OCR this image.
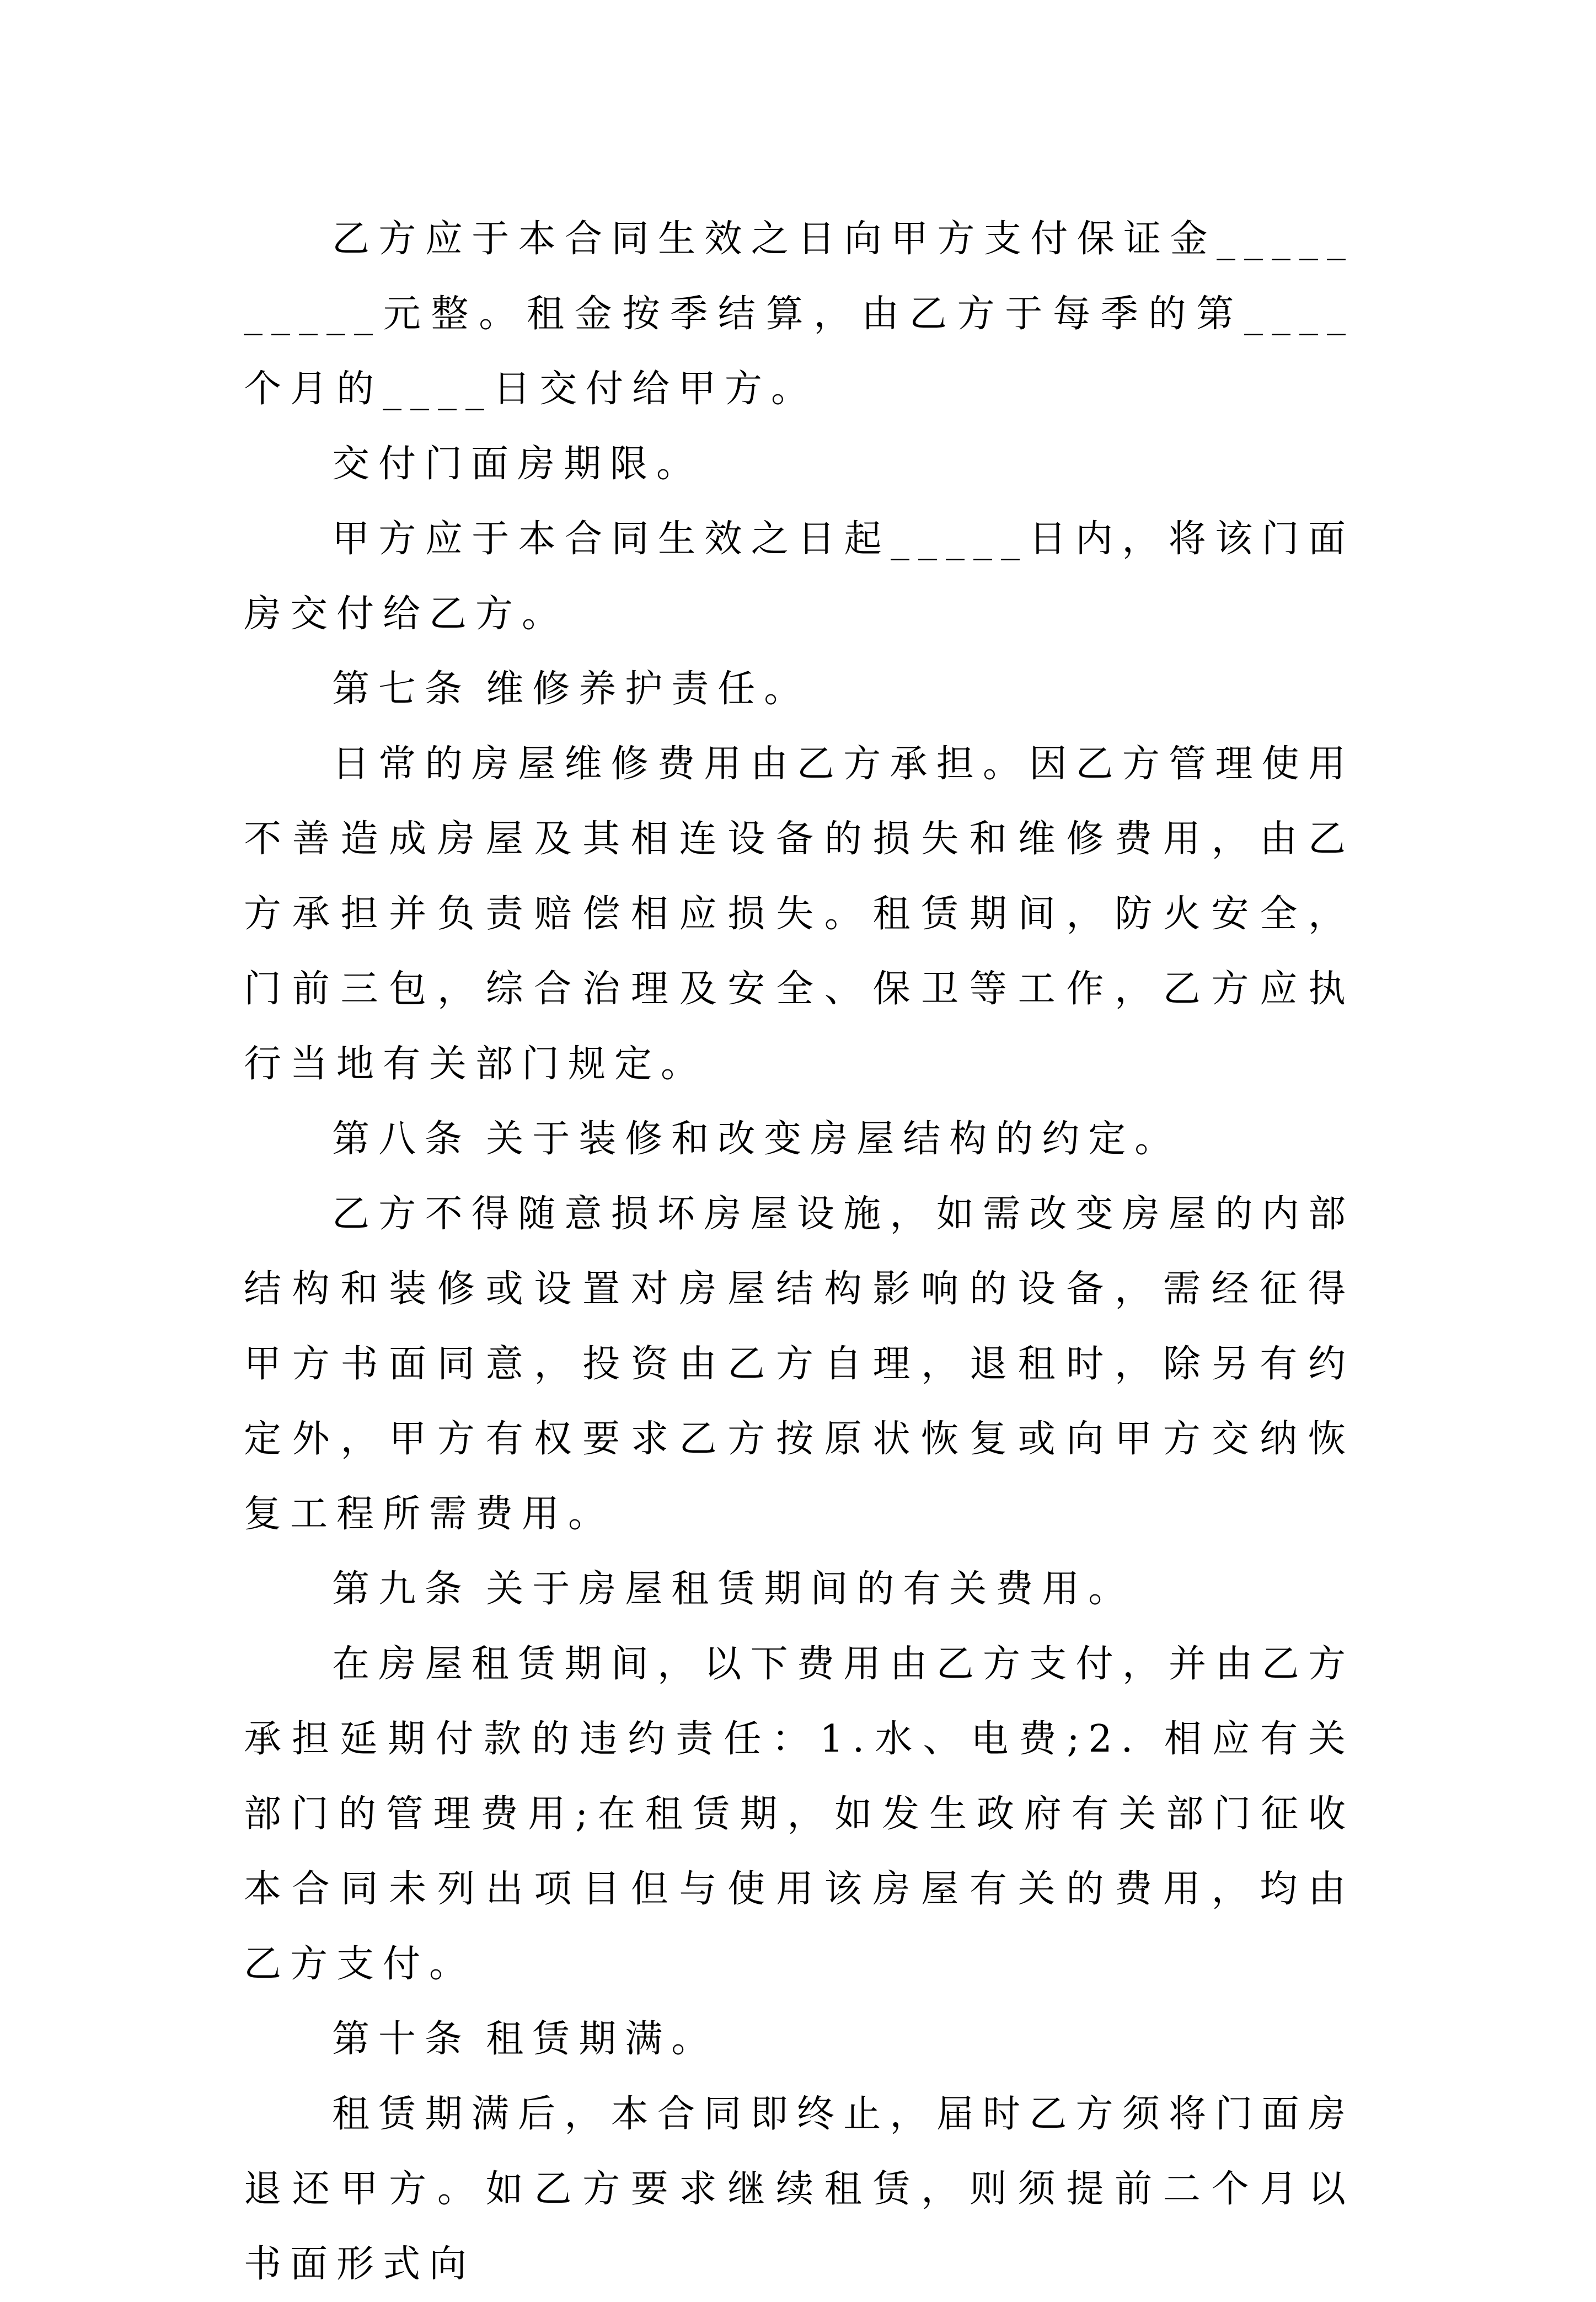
乙方应于本合同生效之日向甲方支付保证金__________元整。租金按季结算，由乙方于每季的第____个月的____日交付给甲方。

交付门面房期限。

甲方应于本合同生效之日起_____日内，将该门面房交付给乙方。

第七条 维修养护责任。

日常的房屋维修费用由乙方承担。因乙方管理使用不善造成房屋及其相连设备的损失和维修费用，由乙方承担并负责赔偿相应损失。租赁期间，防火安全，门前三包，综合治理及安全、保卫等工作，乙方应执行当地有关部门规定。

第八条 关于装修和改变房屋结构的约定。

乙方不得随意损坏房屋设施，如需改变房屋的内部结构和装修或设置对房屋结构影响的设备，需经征得甲方书面同意，投资由乙方自理，退租时，除另有约定外，甲方有权要求乙方按原状恢复或向甲方交纳恢复工程所需费用。

第九条 关于房屋租赁期间的有关费用。

在房屋租赁期间，以下费用由乙方支付，并由乙方承担延期付款的违约责任：1.水、电费;2. 相应有关部门的管理费用;在租赁期，如发生政府有关部门征收本合同未列出项目但与使用该房屋有关的费用，均由乙方支付。

第十条 租赁期满。

租赁期满后，本合同即终止，届时乙方须将门面房退还甲方。如乙方要求继续租赁，则须提前二个月以书面形式向
